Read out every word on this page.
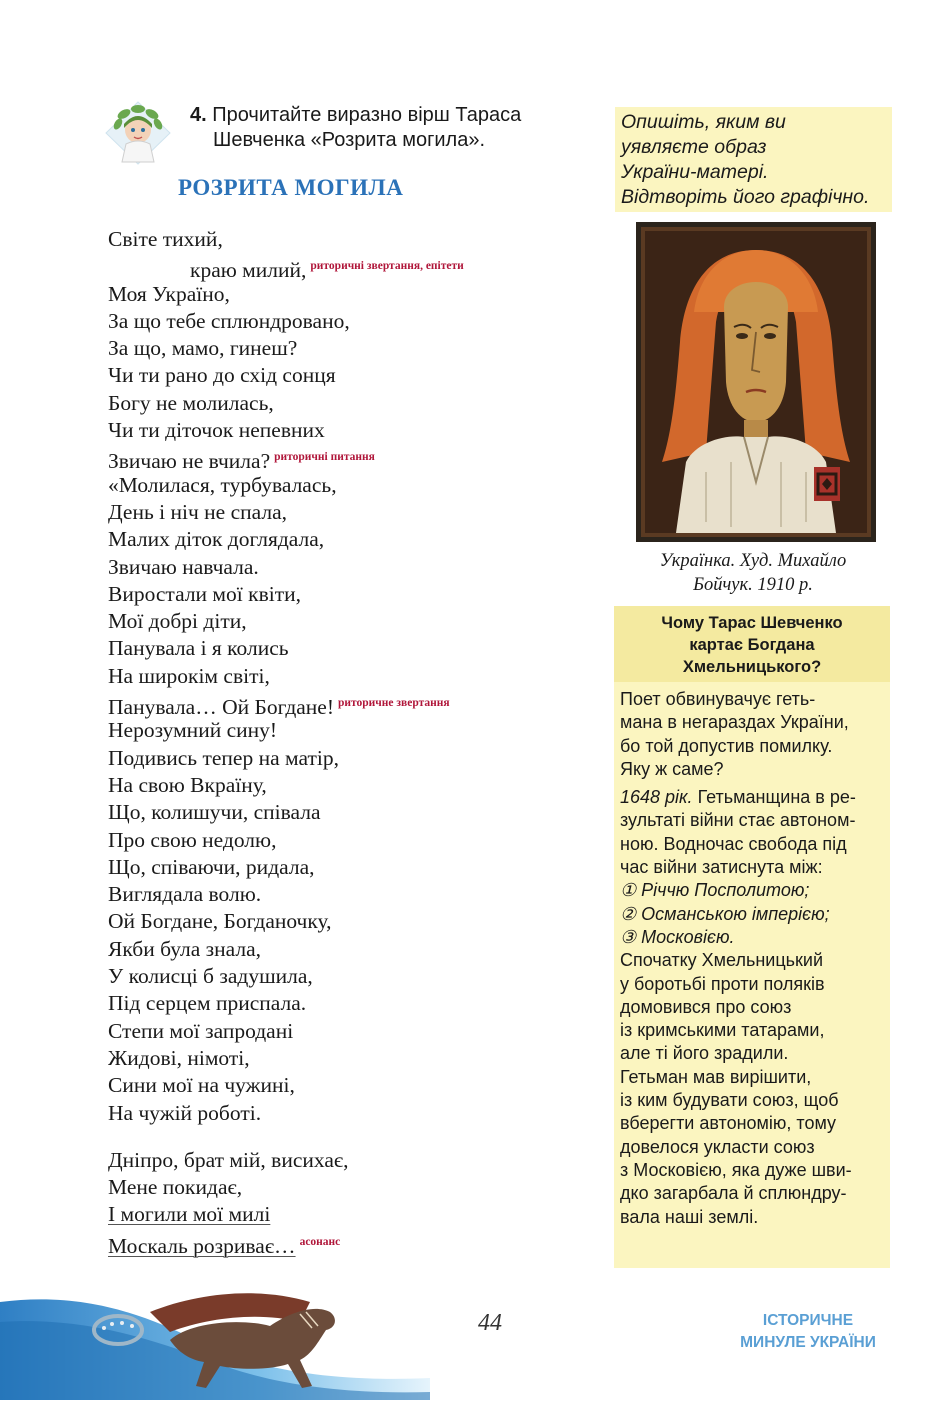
4. Прочитайте виразно вірш Тараса
Шевченка «Розрита могила».
РОЗРИТА МОГИЛА
Світе тихий,
краю милий, $^{риторичні звертання, епітети}$
Моя Україно,
За що тебе сплюндровано,
За що, мамо, гинеш?
Чи ти рано до схід сонця
Богу не молилась,
Чи ти діточок непевних
Звичаю не вчила? $^{риторичні питання}$
«Молилася, турбувалась,
День і ніч не спала,
Малих діток доглядала,
Звичаю навчала.
Виростали мої квіти,
Мої добрі діти,
Панувала і я колись
На широкім світі,
Панувала… Ой Богдане! $^{риторичне звертання}$
Нерозумний сину!
Подивись тепер на матір,
На свою Вкраїну,
Що, колишучи, співала
Про свою недолю,
Що, співаючи, ридала,
Виглядала волю.
Ой Богдане, Богданочку,
Якби була знала,
У колисці б задушила,
Під серцем приспала.
Степи мої запродані
Жидові, німоті,
Сини мої на чужині,
На чужій роботі.
Дніпро, брат мій, висихає,
Мене покидає,
І могили мої милі
Москаль розриває… $^{асонанс}$
Опишіть, яким ви
уявляєте образ
України-матері.
Відтворіть його графічно.
Українка. Худ. Михайло
Бойчук. 1910 р.
Чому Тарас Шевченко
картає Богдана
Хмельницького?
Поет обвинувачує геть-
мана в негараздах України,
бо той допустив помилку.
Яку ж саме?
1648 рік. Гетьманщина в ре-
зультаті війни стає автоном-
ною. Водночас свобода під
час війни затиснута між:
① Річчю Посполитою;
② Османською імперією;
③ Московією.
Спочатку Хмельницький
у боротьбі проти поляків
домовився про союз
із кримськими татарами,
але ті його зрадили.
Гетьман мав вирішити,
із ким будувати союз, щоб
вберегти автономію, тому
довелося укласти союз
з Московією, яка дуже шви-
дко загарбала й сплюндру-
вала наші землі.
44	ІСТОРИЧНЕ
МИНУЛЕ УКРАЇНИ
